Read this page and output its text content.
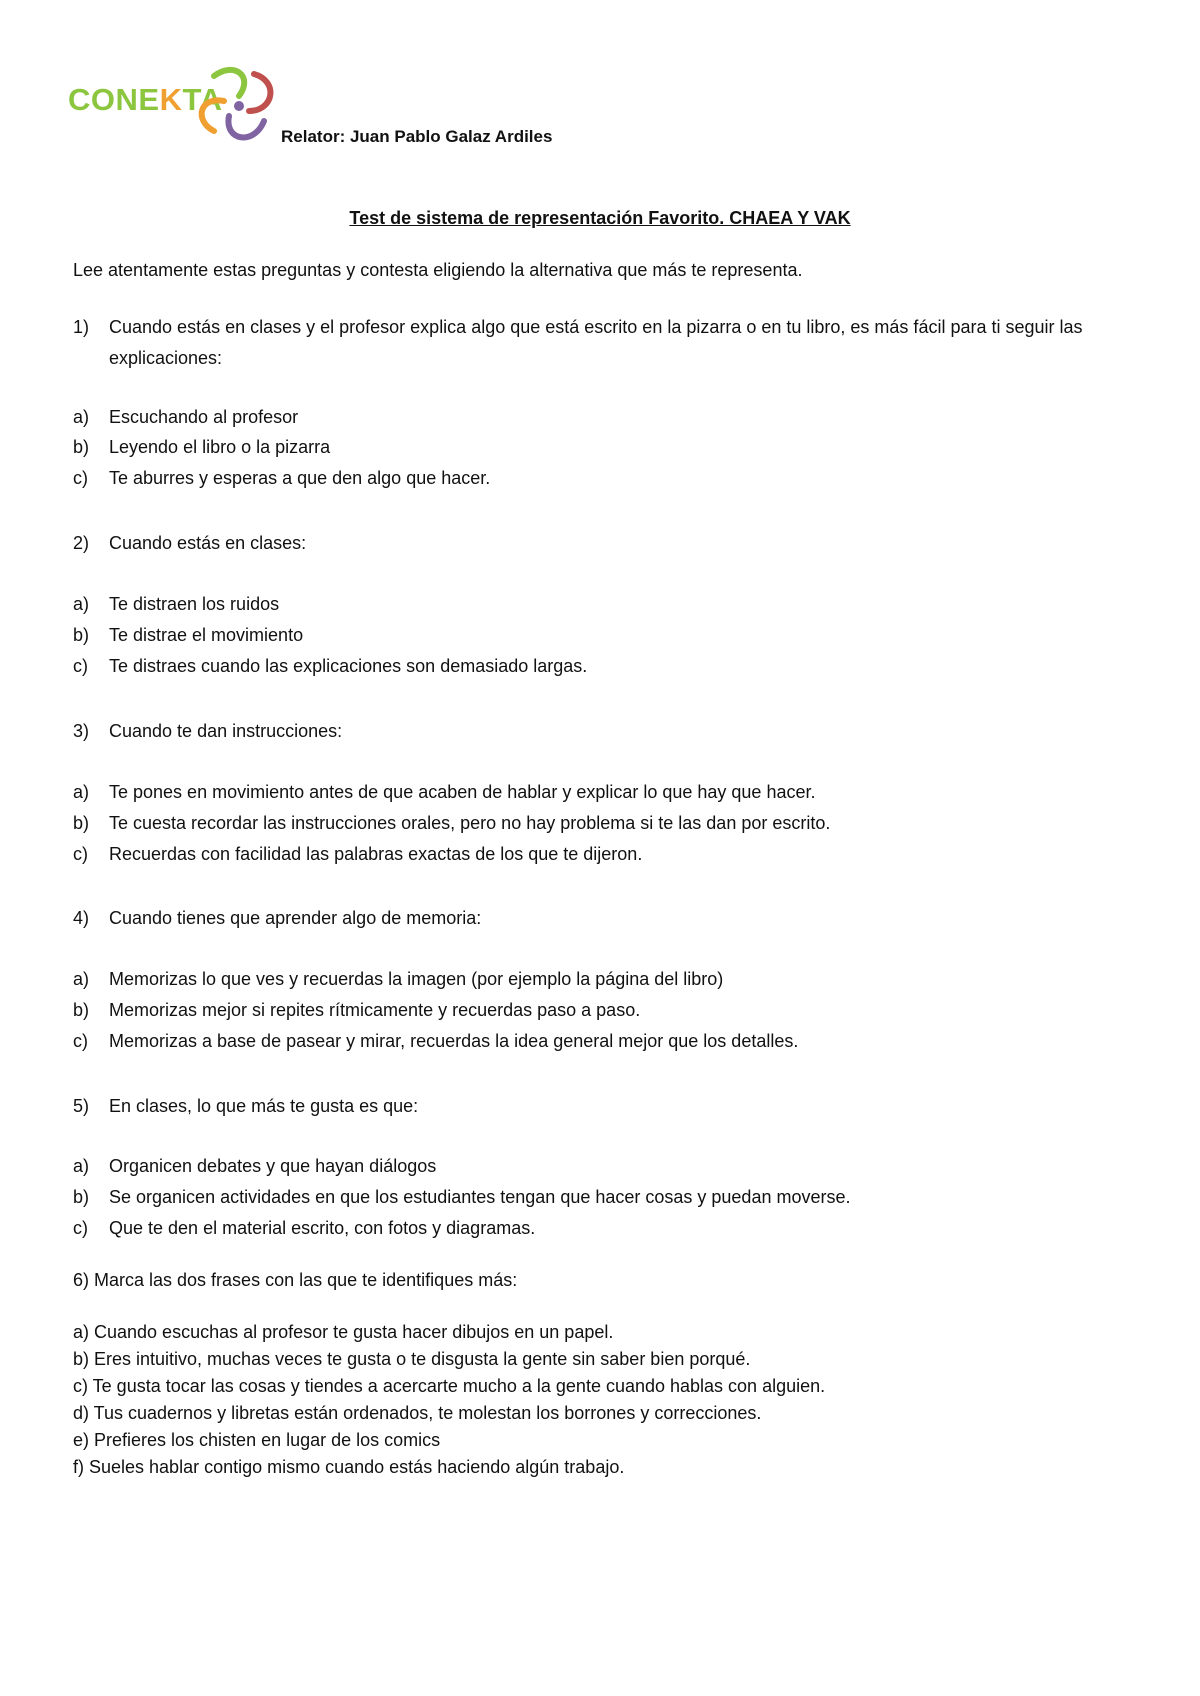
CONEKTA
Relator: Juan Pablo Galaz Ardiles
Test de sistema de representación Favorito. CHAEA Y VAK
Lee atentamente estas preguntas y contesta eligiendo la alternativa que más te representa.
1) Cuando estás en clases y el profesor explica algo que está escrito en la pizarra o en tu libro, es más fácil para ti seguir las explicaciones:
a) Escuchando al profesor
b) Leyendo el libro o la pizarra
c) Te aburres y esperas a que den algo que hacer.
2) Cuando estás en clases:
a) Te distraen los ruidos
b) Te distrae el movimiento
c) Te distraes cuando las explicaciones son demasiado largas.
3) Cuando te dan instrucciones:
a) Te pones en movimiento antes de que acaben de hablar y explicar lo que hay que hacer.
b) Te cuesta recordar las instrucciones orales, pero no hay problema si te las dan por escrito.
c) Recuerdas con facilidad las palabras exactas de los que te dijeron.
4) Cuando tienes que aprender algo de memoria:
a) Memorizas lo que ves y recuerdas la imagen (por ejemplo la página del libro)
b) Memorizas mejor si repites rítmicamente y recuerdas paso a paso.
c) Memorizas a base de pasear y mirar, recuerdas la idea general mejor que los detalles.
5) En clases, lo que más te gusta es que:
a) Organicen debates y que hayan diálogos
b) Se organicen actividades en que los estudiantes tengan que hacer cosas y puedan moverse.
c) Que te den el material escrito, con fotos y diagramas.
6) Marca las dos frases con las que te identifiques más:
a) Cuando escuchas al profesor te gusta hacer dibujos en un papel.
b) Eres intuitivo, muchas veces te gusta o te disgusta la gente sin saber bien porqué.
c) Te gusta tocar las cosas y tiendes a acercarte mucho a la gente cuando hablas con alguien.
d) Tus cuadernos y libretas están ordenados, te molestan los borrones y correcciones.
e) Prefieres los chisten en lugar de los comics
f) Sueles hablar contigo mismo cuando estás haciendo algún trabajo.
